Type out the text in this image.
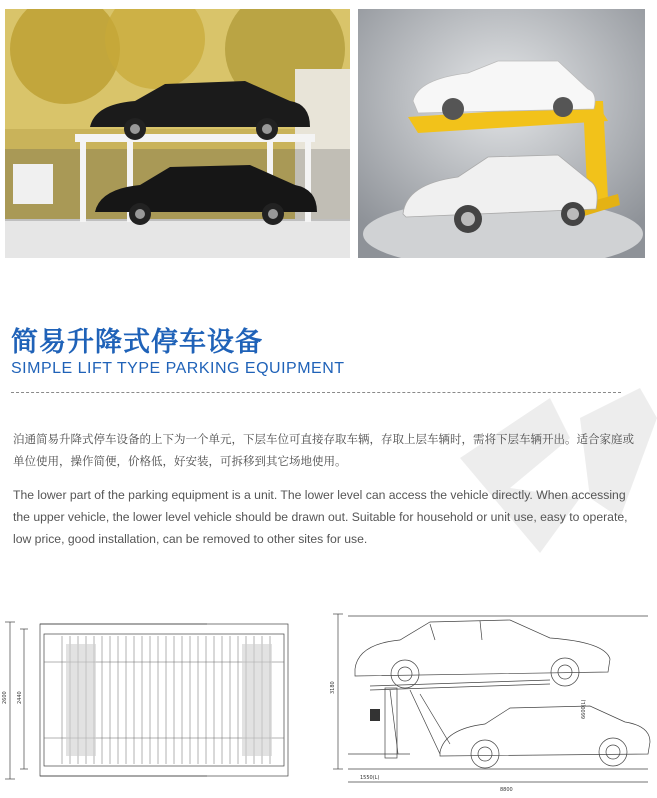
简易升降式停车设备
SIMPLE LIFT TYPE PARKING EQUIPMENT
泊通简易升降式停车设备的上下为一个单元，下层车位可直接存取车辆，存取上层车辆时，需将下层车辆开出。适合家庭或单位使用，操作简便，价格低，好安装，可拆移到其它场地使用。
The lower part of the parking equipment is a unit. The lower level can access the vehicle directly. When accessing the upper vehicle, the lower level vehicle should be drawn out. Suitable for household or unit use, easy to operate, low price, good installation, can be removed to other sites for use.
2600 2440
3180
6600(L)
1550(L)
8800
